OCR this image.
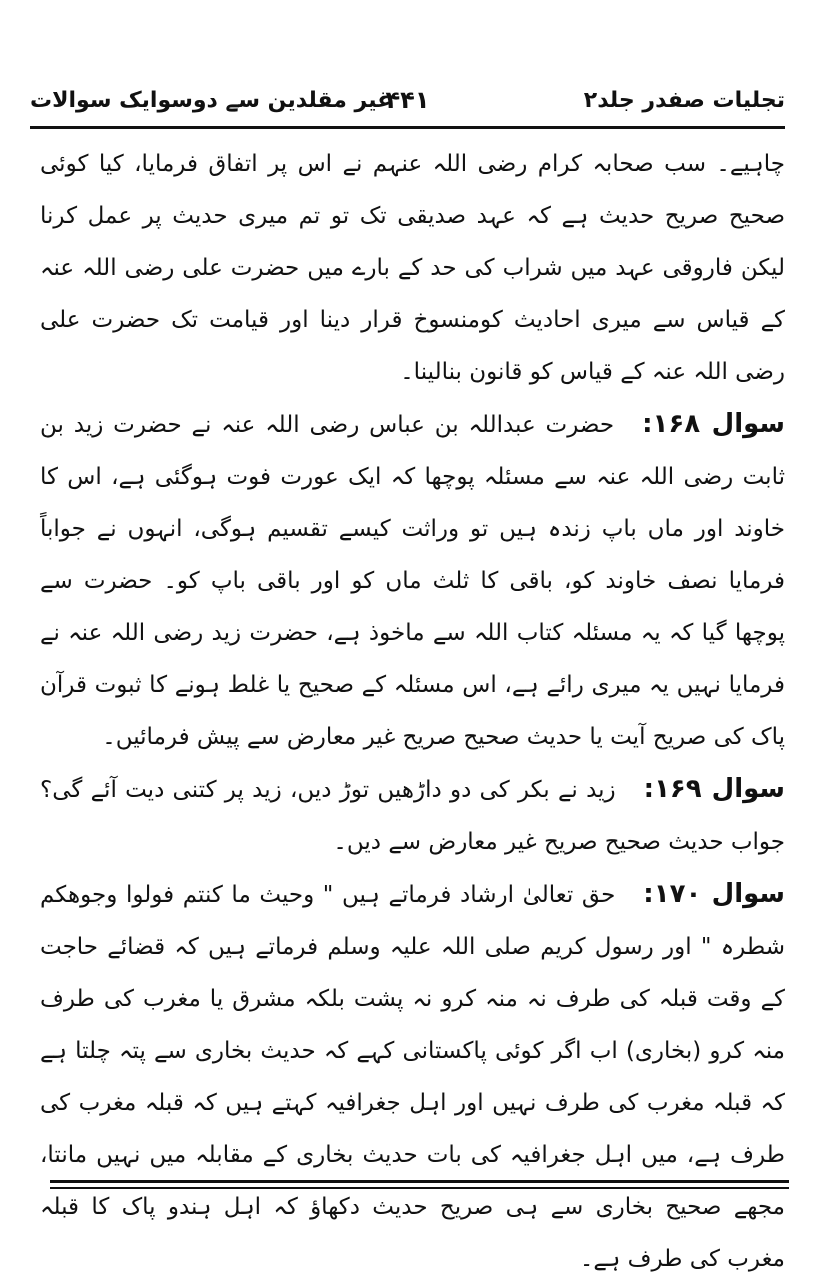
تجلیات صفدر جلد۲
۴۴۱
غیر مقلدین سے دوسوایک سوالات

چاہیے۔ سب صحابہ کرام رضی اللہ عنہم نے اس پر اتفاق فرمایا، کیا کوئی صحیح صریح حدیث ہے کہ عہد صدیقی تک تو تم میری حدیث پر عمل کرنا لیکن فاروقی عہد میں شراب کی حد کے بارے میں حضرت علی رضی اللہ عنہ کے قیاس سے میری احادیث کومنسوخ قرار دینا اور قیامت تک حضرت علی رضی اللہ عنہ کے قیاس کو قانون بنالینا۔

سوال ۱۶۸:حضرت عبداللہ بن عباس رضی اللہ عنہ نے حضرت زید بن ثابت رضی اللہ عنہ سے مسئلہ پوچھا کہ ایک عورت فوت ہوگئی ہے، اس کا خاوند اور ماں باپ زندہ ہیں تو وراثت کیسے تقسیم ہوگی، انہوں نے جواباً فرمایا نصف خاوند کو، باقی کا ثلث ماں کو اور باقی باپ کو۔ حضرت سے پوچھا گیا کہ یہ مسئلہ کتاب اللہ سے ماخوذ ہے، حضرت زید رضی اللہ عنہ نے فرمایا نہیں یہ میری رائے ہے، اس مسئلہ کے صحیح یا غلط ہونے کا ثبوت قرآن پاک کی صریح آیت یا حدیث صحیح صریح غیر معارض سے پیش فرمائیں۔

سوال ۱۶۹:زید نے بکر کی دو داڑھیں توڑ دیں، زید پر کتنی دیت آئے گی؟ جواب حدیث صحیح صریح غیر معارض سے دیں۔

سوال ۱۷۰:حق تعالیٰ ارشاد فرماتے ہیں " وحیث ما کنتم فولوا وجوھکم شطرہ " اور رسول کریم صلی اللہ علیہ وسلم فرماتے ہیں کہ قضائے حاجت کے وقت قبلہ کی طرف نہ منہ کرو نہ پشت بلکہ مشرق یا مغرب کی طرف منہ کرو (بخاری) اب اگر کوئی پاکستانی کہے کہ حدیث بخاری سے پتہ چلتا ہے کہ قبلہ مغرب کی طرف نہیں اور اہل جغرافیہ کہتے ہیں کہ قبلہ مغرب کی طرف ہے، میں اہل جغرافیہ کی بات حدیث بخاری کے مقابلہ میں نہیں مانتا، مجھے صحیح بخاری سے ہی صریح حدیث دکھاؤ کہ اہل ہندو پاک کا قبلہ مغرب کی طرف ہے۔
